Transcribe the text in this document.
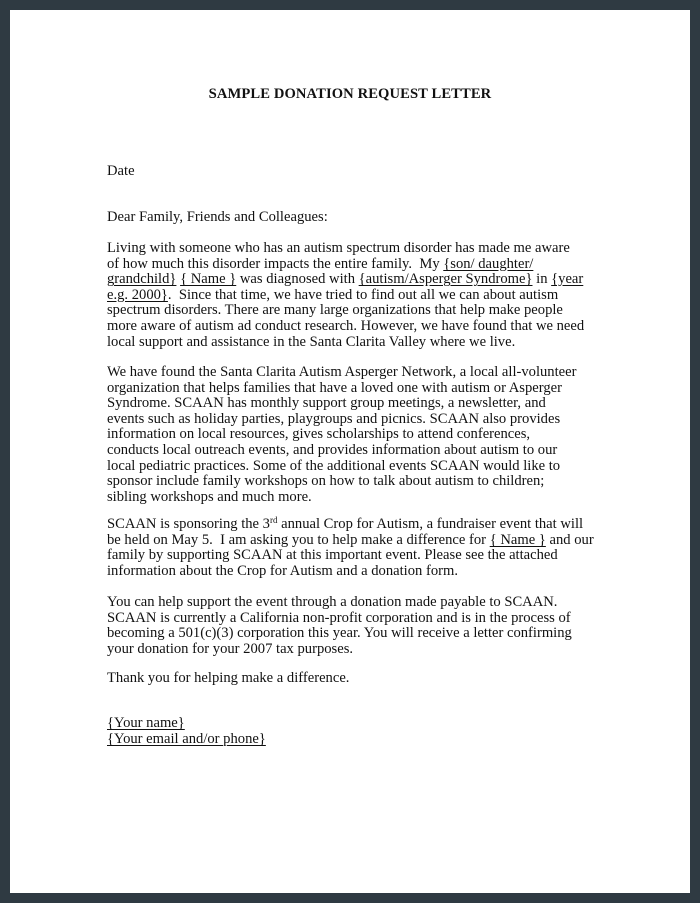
SAMPLE DONATION REQUEST LETTER

Date

Dear Family, Friends and Colleagues:

Living with someone who has an autism spectrum disorder has made me aware
of how much this disorder impacts the entire family.  My {son/ daughter/
grandchild} { Name } was diagnosed with {autism/Asperger Syndrome} in {year
e.g. 2000}.  Since that time, we have tried to find out all we can about autism
spectrum disorders. There are many large organizations that help make people
more aware of autism ad conduct research. However, we have found that we need
local support and assistance in the Santa Clarita Valley where we live.
We have found the Santa Clarita Autism Asperger Network, a local all-volunteer
organization that helps families that have a loved one with autism or Asperger
Syndrome. SCAAN has monthly support group meetings, a newsletter, and
events such as holiday parties, playgroups and picnics. SCAAN also provides
information on local resources, gives scholarships to attend conferences,
conducts local outreach events, and provides information about autism to our
local pediatric practices. Some of the additional events SCAAN would like to
sponsor include family workshops on how to talk about autism to children;
sibling workshops and much more.
SCAAN is sponsoring the 3rd annual Crop for Autism, a fundraiser event that will
be held on May 5.  I am asking you to help make a difference for { Name } and our
family by supporting SCAAN at this important event. Please see the attached
information about the Crop for Autism and a donation form.
You can help support the event through a donation made payable to SCAAN.
SCAAN is currently a California non-profit corporation and is in the process of
becoming a 501(c)(3) corporation this year. You will receive a letter confirming
your donation for your 2007 tax purposes.

Thank you for helping make a difference.

{Your name}
{Your email and/or phone}
